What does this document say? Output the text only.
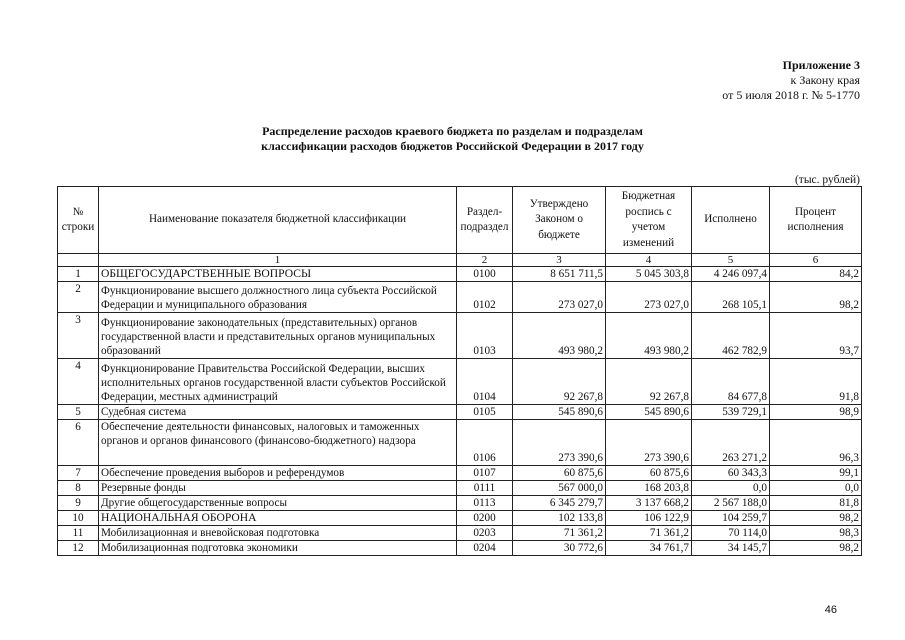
Приложение 3
к Закону края
от 5 июля 2018 г. № 5-1770
Распределение расходов краевого бюджета по разделам и подразделам
классификации расходов бюджетов Российской Федерации в 2017 году
(тыс. рублей)
№ строки	Наименование показателя бюджетной классификации	Раздел- подраздел	Утверждено Законом о бюджете	Бюджетная роспись с учетом изменений	Исполнено	Процент исполнения
	1	2	3	4	5	6
1	ОБЩЕГОСУДАРСТВЕННЫЕ ВОПРОСЫ	0100	8 651 711,5	5 045 303,8	4 246 097,4	84,2
2	Функционирование высшего должностного лица субъекта Российской Федерации и муниципального образования	0102	273 027,0	273 027,0	268 105,1	98,2
3	Функционирование законодательных (представительных) органов государственной власти и представительных органов муниципальных образований	0103	493 980,2	493 980,2	462 782,9	93,7
4	Функционирование Правительства Российской Федерации, высших исполнительных органов государственной власти субъектов Российской Федерации, местных администраций	0104	92 267,8	92 267,8	84 677,8	91,8
5	Судебная система	0105	545 890,6	545 890,6	539 729,1	98,9
6	Обеспечение деятельности финансовых, налоговых и таможенных органов и органов финансового (финансово-бюджетного) надзора	0106	273 390,6	273 390,6	263 271,2	96,3
7	Обеспечение проведения выборов и референдумов	0107	60 875,6	60 875,6	60 343,3	99,1
8	Резервные фонды	0111	567 000,0	168 203,8	0,0	0,0
9	Другие общегосударственные вопросы	0113	6 345 279,7	3 137 668,2	2 567 188,0	81,8
10	НАЦИОНАЛЬНАЯ ОБОРОНА	0200	102 133,8	106 122,9	104 259,7	98,2
11	Мобилизационная и вневойсковая подготовка	0203	71 361,2	71 361,2	70 114,0	98,3
12	Мобилизационная подготовка экономики	0204	30 772,6	34 761,7	34 145,7	98,2
46
